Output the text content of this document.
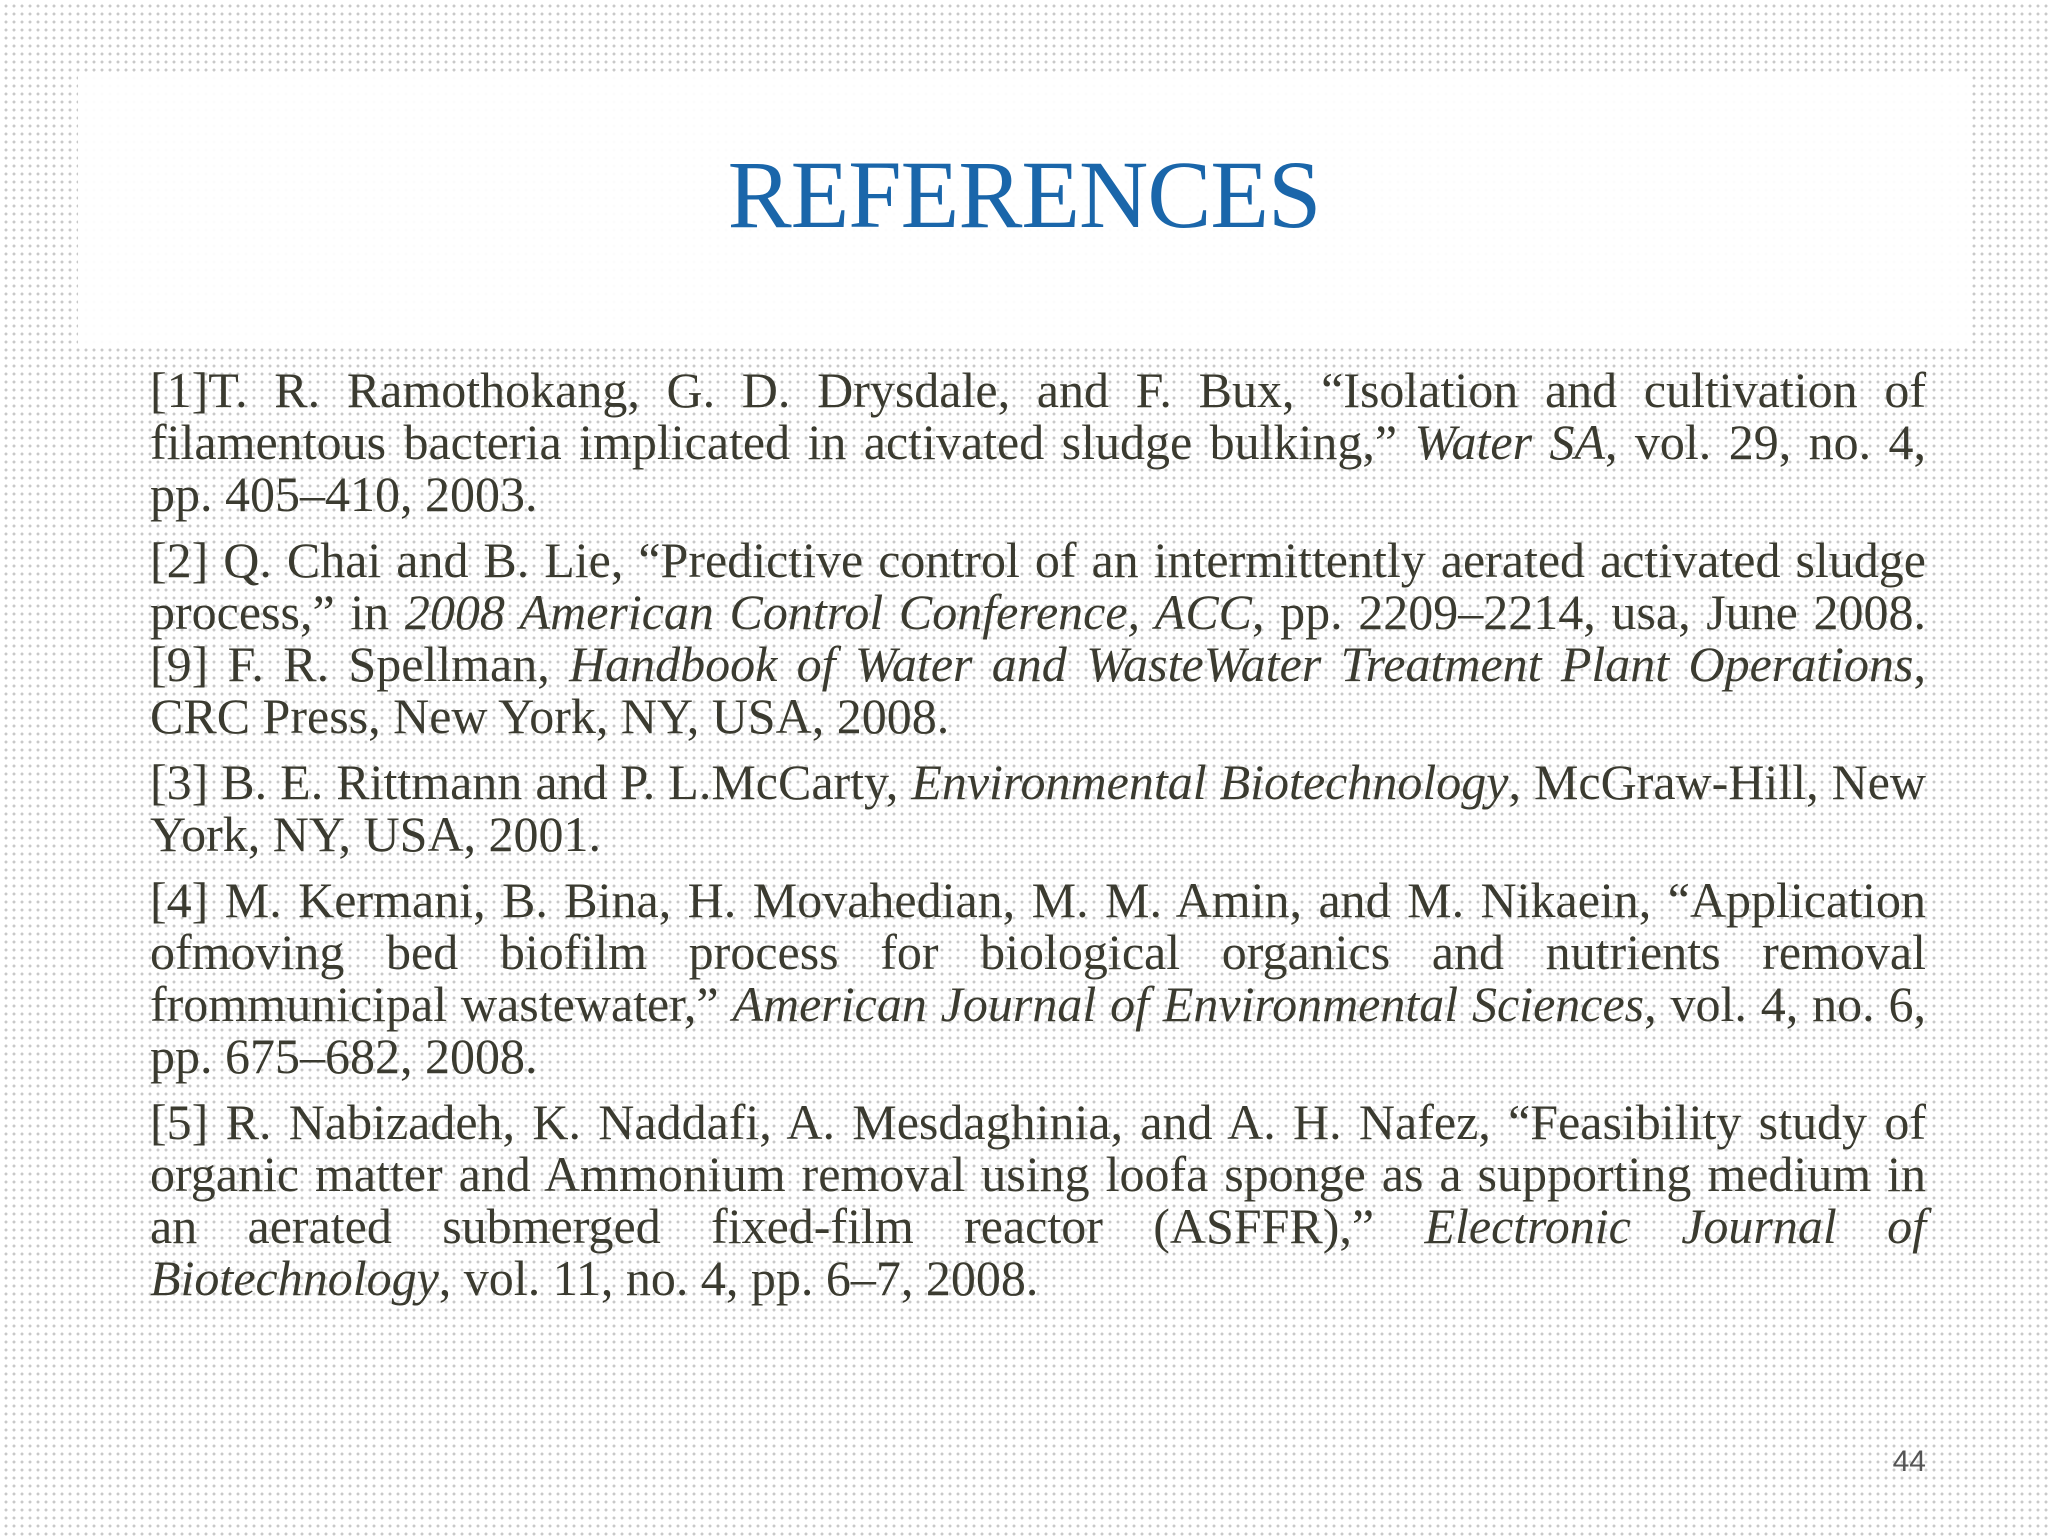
REFERENCES
[1]T. R. Ramothokang, G. D. Drysdale, and F. Bux, “Isolation and cultivation of filamentous bacteria implicated in activated sludge bulking,” Water SA, vol. 29, no. 4, pp. 405–410, 2003.
[2] Q. Chai and B. Lie, “Predictive control of an intermittently aerated activated sludge process,” in 2008 American Control Conference, ACC, pp. 2209–2214, usa, June 2008. [9] F. R. Spellman, Handbook of Water and WasteWater Treatment Plant Operations, CRC Press, New York, NY, USA, 2008.
[3] B. E. Rittmann and P. L.McCarty, Environmental Biotechnology, McGraw-Hill, New York, NY, USA, 2001.
[4] M. Kermani, B. Bina, H. Movahedian, M. M. Amin, and M. Nikaein, “Application ofmoving bed biofilm process for biological organics and nutrients removal frommunicipal wastewater,” American Journal of Environmental Sciences, vol. 4, no. 6, pp. 675–682, 2008.
[5] R. Nabizadeh, K. Naddafi, A. Mesdaghinia, and A. H. Nafez, “Feasibility study of organic matter and Ammonium removal using loofa sponge as a supporting medium in an aerated submerged fixed-film reactor (ASFFR),” Electronic Journal of Biotechnology, vol. 11, no. 4, pp. 6–7, 2008.
44
